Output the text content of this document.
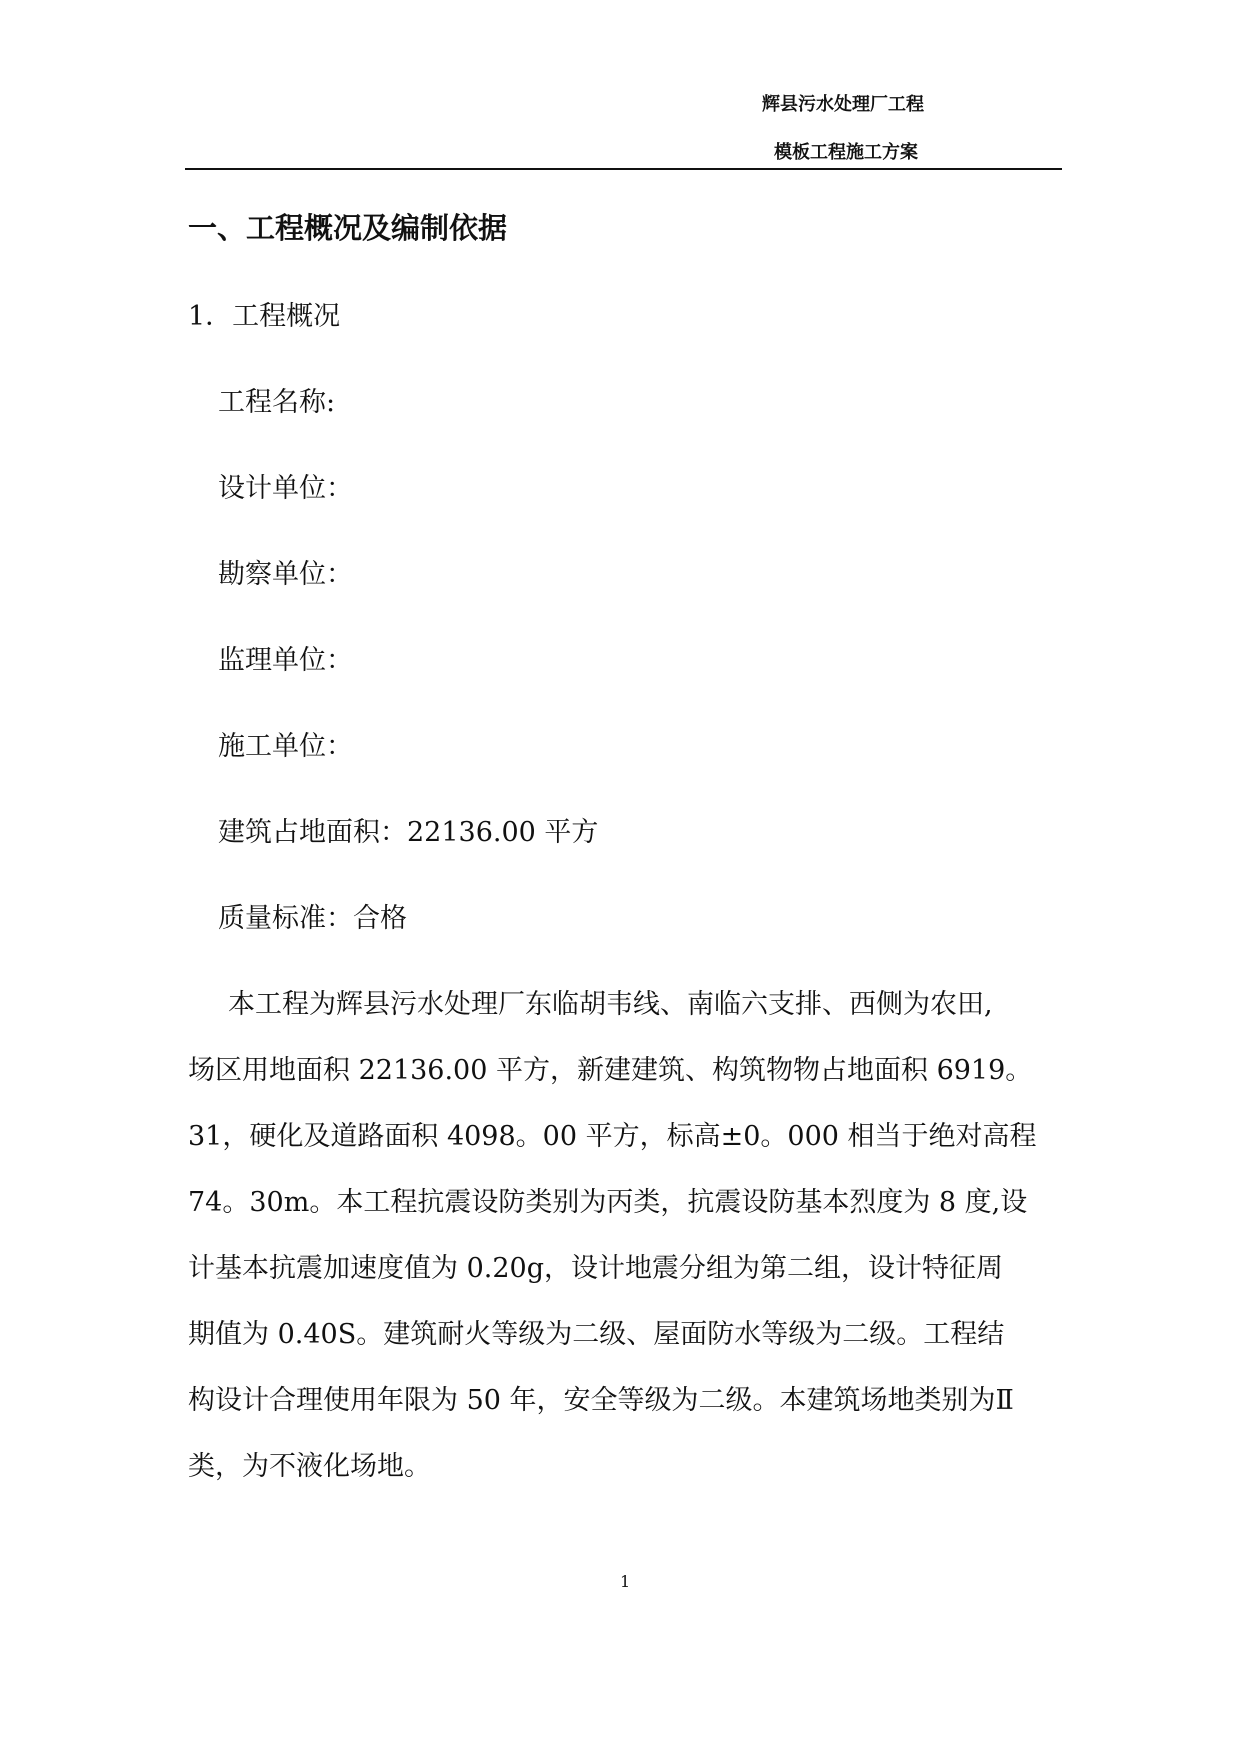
辉县污水处理厂工程
模板工程施工方案
一、工程概况及编制依据
1．工程概况
工程名称:
设计单位：
勘察单位：
监理单位：
施工单位：
建筑占地面积：22136.00 平方
质量标准：合格
本工程为辉县污水处理厂东临胡韦线、南临六支排、西侧为农田,
场区用地面积 22136.00 平方，新建建筑、构筑物物占地面积 6919。
31，硬化及道路面积 4098。00 平方，标高±0。000 相当于绝对高程
74。30m。本工程抗震设防类别为丙类，抗震设防基本烈度为 8 度,设
计基本抗震加速度值为 0.20g，设计地震分组为第二组，设计特征周
期值为 0.40S。建筑耐火等级为二级、屋面防水等级为二级。工程结
构设计合理使用年限为 50 年，安全等级为二级。本建筑场地类别为Ⅱ
类，为不液化场地。
1
